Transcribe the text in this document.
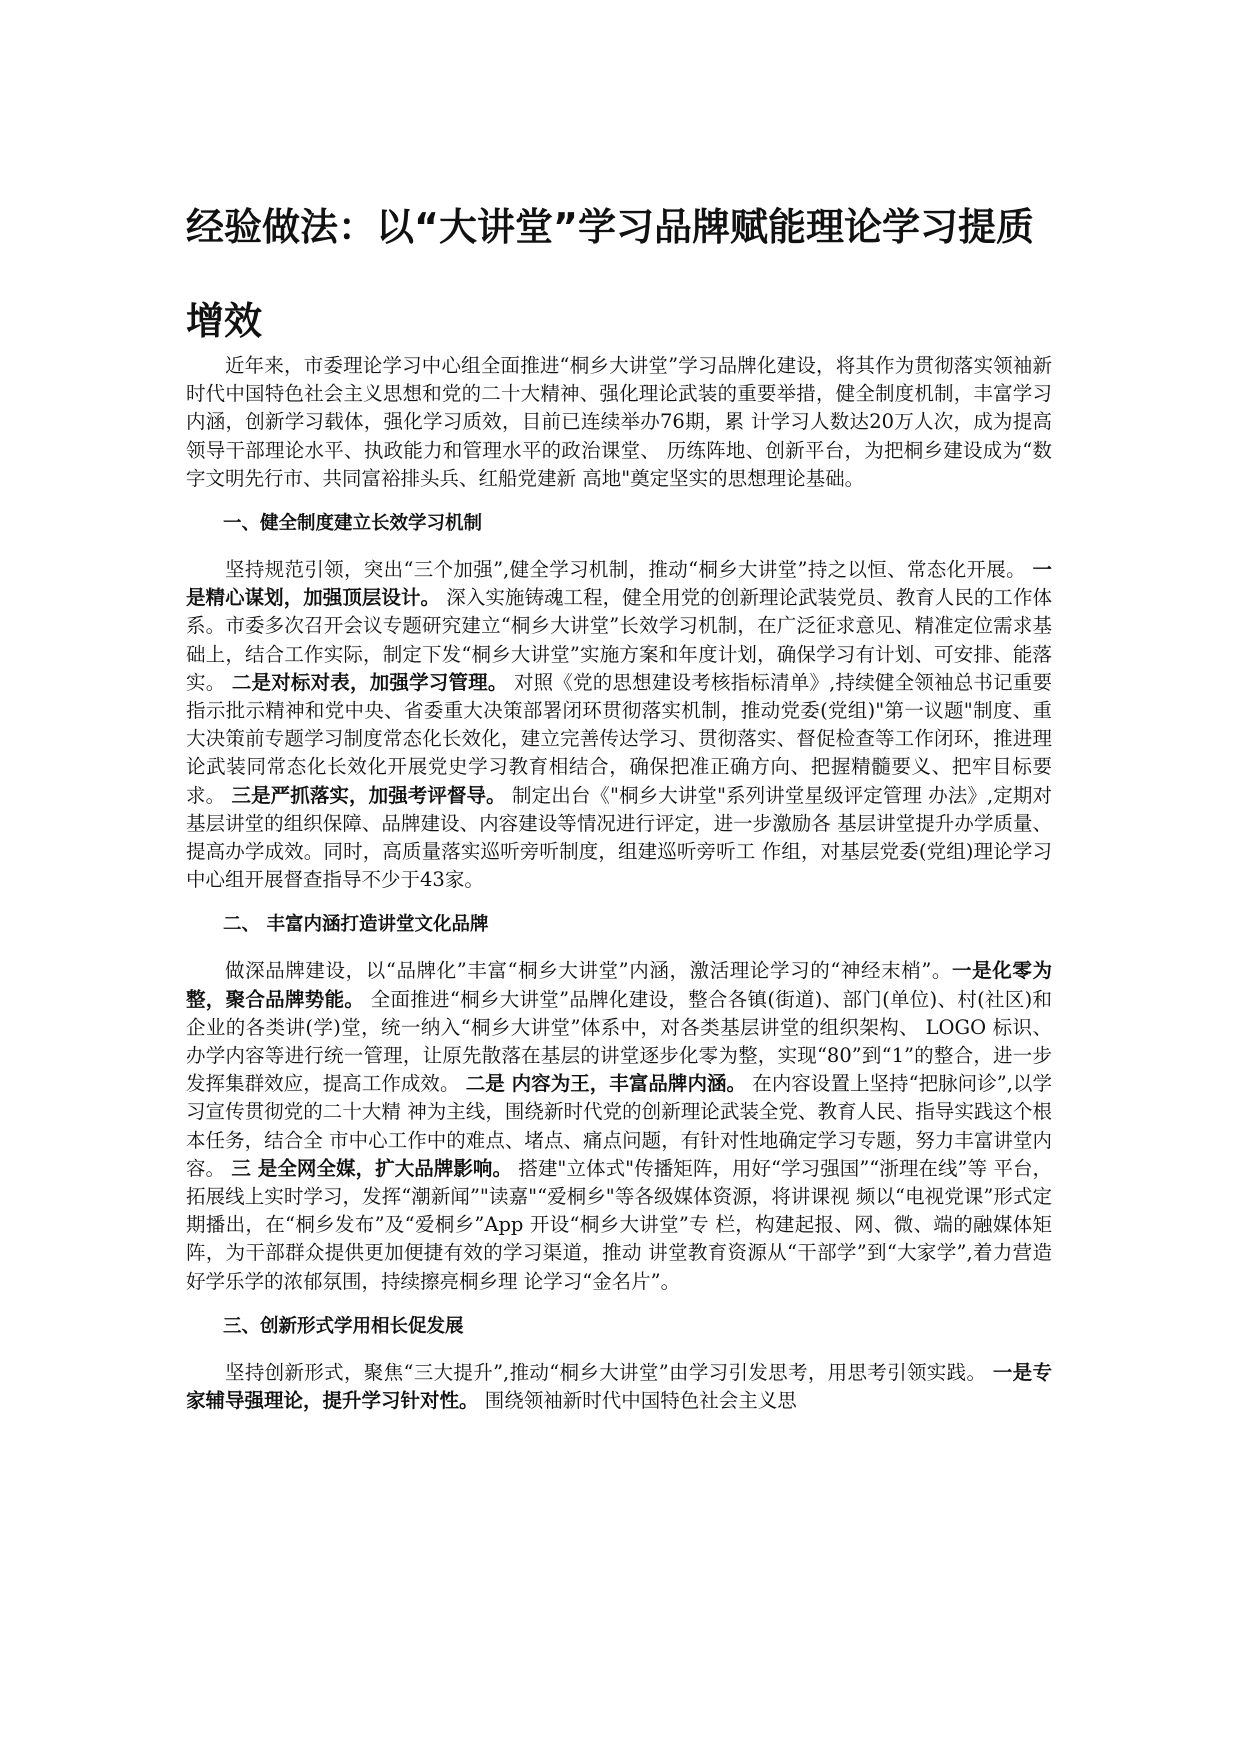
经验做法：以“大讲堂”学习品牌赋能理论学习提质增效

近年来，市委理论学习中心组全面推进“桐乡大讲堂”学习品牌化建设，将其作为贯彻落实领袖新时代中国特色社会主义思想和党的二十大精神、强化理论武装的重要举措，健全制度机制，丰富学习内涵，创新学习载体，强化学习质效，目前已连续举办76期，累 计学习人数达20万人次，成为提高领导干部理论水平、执政能力和管理水平的政治课堂、 历练阵地、创新平台，为把桐乡建设成为“数字文明先行市、共同富裕排头兵、红船党建新 高地"奠定坚实的思想理论基础。

一、健全制度建立长效学习机制

坚持规范引领，突出“三个加强”,健全学习机制，推动“桐乡大讲堂”持之以恒、常态化开展。 一是精心谋划，加强顶层设计。 深入实施铸魂工程，健全用党的创新理论武装党员、教育人民的工作体系。市委多次召开会议专题研究建立“桐乡大讲堂”长效学习机制，在广泛征求意见、精准定位需求基础上，结合工作实际，制定下发“桐乡大讲堂”实施方案和年度计划，确保学习有计划、可安排、能落实。 二是对标对表，加强学习管理。 对照《党的思想建设考核指标清单》,持续健全领袖总书记重要指示批示精神和党中央、省委重大决策部署闭环贯彻落实机制，推动党委(党组)"第一议题"制度、重大决策前专题学习制度常态化长效化，建立完善传达学习、贯彻落实、督促检查等工作闭环，推进理论武装同常态化长效化开展党史学习教育相结合，确保把准正确方向、把握精髓要义、把牢目标要求。 三是严抓落实，加强考评督导。 制定出台《"桐乡大讲堂"系列讲堂星级评定管理 办法》,定期对基层讲堂的组织保障、品牌建设、内容建设等情况进行评定，进一步激励各 基层讲堂提升办学质量、提高办学成效。同时，高质量落实巡听旁听制度，组建巡听旁听工 作组，对基层党委(党组)理论学习中心组开展督查指导不少于43家。

二、 丰富内涵打造讲堂文化品牌

做深品牌建设，以“品牌化”丰富“桐乡大讲堂”内涵，激活理论学习的“神经末梢”。一是化零为整，聚合品牌势能。 全面推进“桐乡大讲堂”品牌化建设，整合各镇(街道)、部门(单位)、村(社区)和企业的各类讲(学)堂，统一纳入“桐乡大讲堂”体系中，对各类基层讲堂的组织架构、 LOGO 标识、办学内容等进行统一管理，让原先散落在基层的讲堂逐步化零为整，实现“80”到“1”的整合，进一步发挥集群效应，提高工作成效。 二是 内容为王，丰富品牌内涵。 在内容设置上坚持“把脉问诊”,以学习宣传贯彻党的二十大精 神为主线，围绕新时代党的创新理论武装全党、教育人民、指导实践这个根本任务，结合全 市中心工作中的难点、堵点、痛点问题，有针对性地确定学习专题，努力丰富讲堂内容。 三 是全网全媒，扩大品牌影响。 搭建"立体式"传播矩阵，用好“学习强国”“浙理在线”等 平台，拓展线上实时学习，发挥“潮新闻”"读嘉"“爱桐乡"等各级媒体资源，将讲课视 频以“电视党课”形式定期播出，在“桐乡发布”及“爱桐乡”App 开设“桐乡大讲堂”专 栏，构建起报、网、微、端的融媒体矩阵，为干部群众提供更加便捷有效的学习渠道，推动 讲堂教育资源从“干部学”到“大家学”,着力营造好学乐学的浓郁氛围，持续擦亮桐乡理 论学习“金名片”。

三、创新形式学用相长促发展

坚持创新形式，聚焦“三大提升”,推动“桐乡大讲堂”由学习引发思考，用思考引领实践。 一是专家辅导强理论，提升学习针对性。 围绕领袖新时代中国特色社会主义思
